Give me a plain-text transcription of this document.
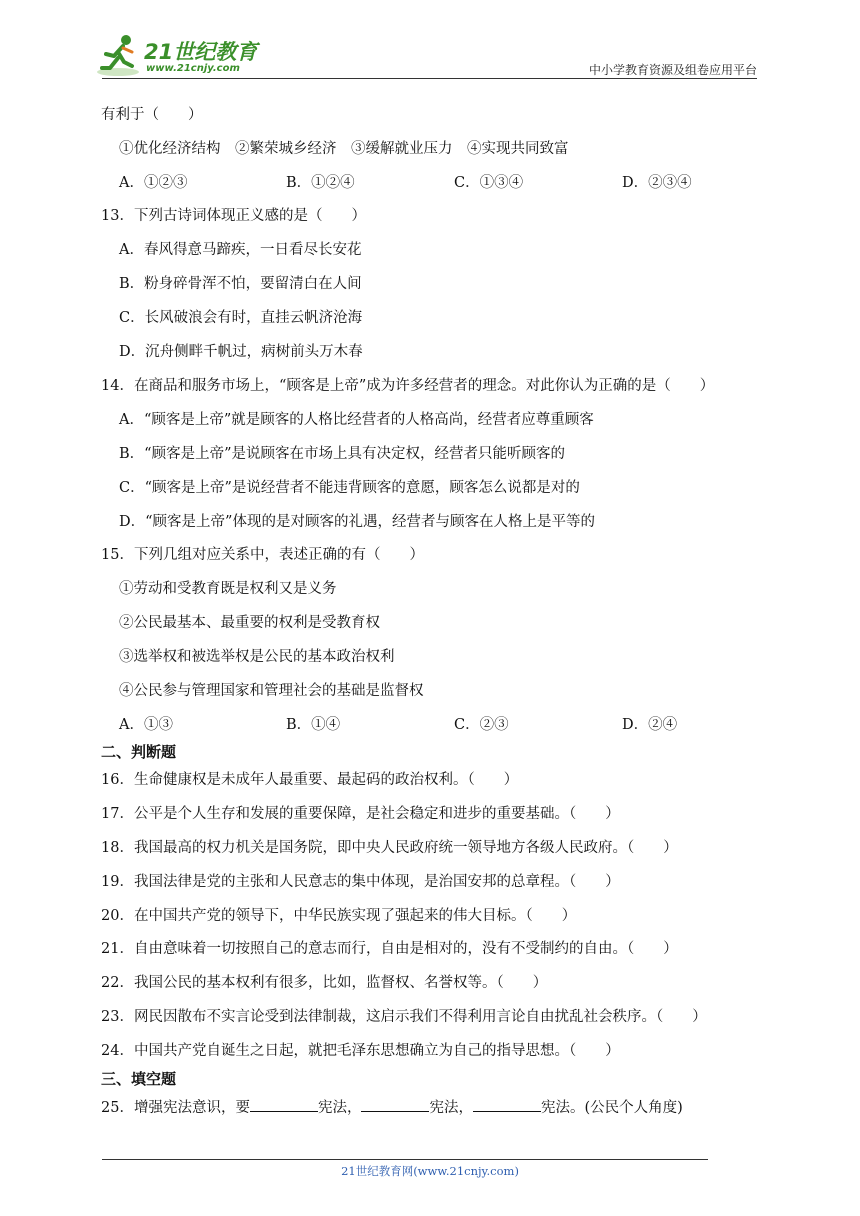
21世纪教育
www.21cnjy.com	中小学教育资源及组卷应用平台
有利于（　　）
①优化经济结构　②繁荣城乡经济　③缓解就业压力　④实现共同致富
A．①②③	B．①②④	C．①③④	D．②③④
13．下列古诗词体现正义感的是（　　）
A．春风得意马蹄疾，一日看尽长安花
B．粉身碎骨浑不怕，要留清白在人间
C．长风破浪会有时，直挂云帆济沧海
D．沉舟侧畔千帆过，病树前头万木春
14．在商品和服务市场上，“顾客是上帝”成为许多经营者的理念。对此你认为正确的是（　　）
A．“顾客是上帝”就是顾客的人格比经营者的人格高尚，经营者应尊重顾客
B．“顾客是上帝”是说顾客在市场上具有决定权，经营者只能听顾客的
C．“顾客是上帝”是说经营者不能违背顾客的意愿，顾客怎么说都是对的
D．“顾客是上帝”体现的是对顾客的礼遇，经营者与顾客在人格上是平等的
15．下列几组对应关系中，表述正确的有（　　）
①劳动和受教育既是权利又是义务
②公民最基本、最重要的权利是受教育权
③选举权和被选举权是公民的基本政治权利
④公民参与管理国家和管理社会的基础是监督权
A．①③	B．①④	C．②③	D．②④
二、判断题
16．生命健康权是未成年人最重要、最起码的政治权利。（　　）
17．公平是个人生存和发展的重要保障，是社会稳定和进步的重要基础。（　　）
18．我国最高的权力机关是国务院，即中央人民政府统一领导地方各级人民政府。（　　）
19．我国法律是党的主张和人民意志的集中体现，是治国安邦的总章程。（　　）
20．在中国共产党的领导下，中华民族实现了强起来的伟大目标。（　　）
21．自由意味着一切按照自己的意志而行，自由是相对的，没有不受制约的自由。（　　）
22．我国公民的基本权利有很多，比如，监督权、名誉权等。（　　）
23．网民因散布不实言论受到法律制裁，这启示我们不得利用言论自由扰乱社会秩序。（　　）
24．中国共产党自诞生之日起，就把毛泽东思想确立为自己的指导思想。（　　）
三、填空题
25．增强宪法意识，要	宪法，	宪法，	宪法。(公民个人角度)
21世纪教育网(www.21cnjy.com)
